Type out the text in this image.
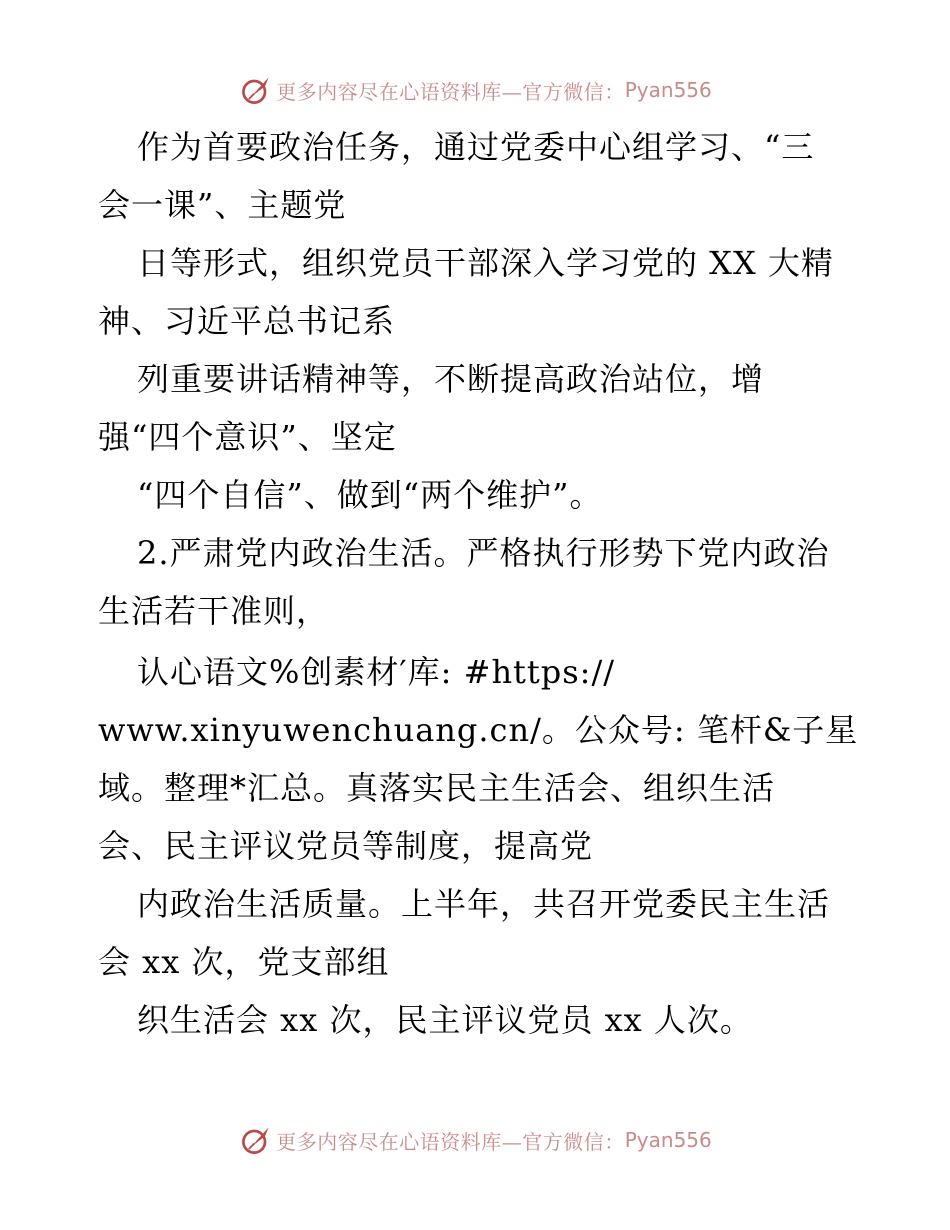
更多内容尽在心语资料库—官方微信： Pyan556
作为首要政治任务，通过党委中心组学习、“三
会一课”、主题党
日等形式，组织党员干部深入学习党的 XX 大精
神、习近平总书记系
列重要讲话精神等，不断提高政治站位，增
强“四个意识”、坚定
“四个自信”、做到“两个维护”。
2.严肃党内政治生活。严格执行形势下党内政治
生活若干准则，
认心语文%创素材′库: #https://
www.xinyuwenchuang.cn/。公众号: 笔杆&子星
域。整理*汇总。真落实民主生活会、组织生活
会、民主评议党员等制度，提高党
内政治生活质量。上半年，共召开党委民主生活
会 xx 次，党支部组
织生活会 xx 次，民主评议党员 xx 人次。
更多内容尽在心语资料库—官方微信： Pyan556
